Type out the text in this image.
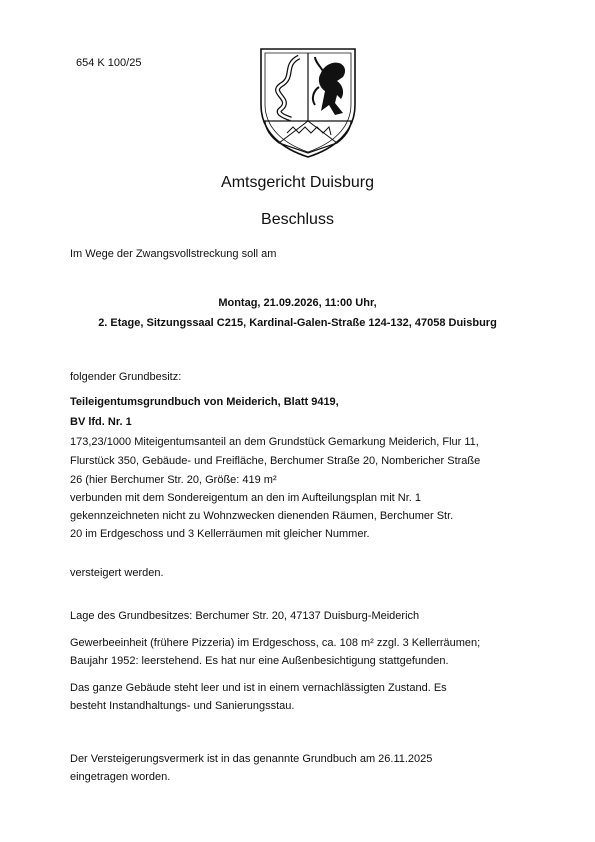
654 K 100/25
Amtsgericht Duisburg
Beschluss
Im Wege der Zwangsvollstreckung soll am
Montag, 21.09.2026, 11:00 Uhr,
2. Etage, Sitzungssaal C215, Kardinal-Galen-Straße 124-132, 47058 Duisburg
folgender Grundbesitz:
Teileigentumsgrundbuch von Meiderich, Blatt 9419,
BV lfd. Nr. 1
173,23/1000 Miteigentumsanteil an dem Grundstück Gemarkung Meiderich, Flur 11,
Flurstück 350, Gebäude- und Freifläche, Berchumer Straße 20, Nombericher Straße
26 (hier Berchumer Str. 20, Größe: 419 m²
verbunden mit dem Sondereigentum an den im Aufteilungsplan mit Nr. 1
gekennzeichneten nicht zu Wohnzwecken dienenden Räumen, Berchumer Str.
20 im Erdgeschoss und 3 Kellerräumen mit gleicher Nummer.
versteigert werden.
Lage des Grundbesitzes: Berchumer Str. 20, 47137 Duisburg-Meiderich
Gewerbeeinheit (frühere Pizzeria) im Erdgeschoss, ca. 108 m² zzgl. 3 Kellerräumen;
Baujahr 1952: leerstehend. Es hat nur eine Außenbesichtigung stattgefunden.
Das ganze Gebäude steht leer und ist in einem vernachlässigten Zustand. Es
besteht Instandhaltungs- und Sanierungsstau.
Der Versteigerungsvermerk ist in das genannte Grundbuch am 26.11.2025
eingetragen worden.
